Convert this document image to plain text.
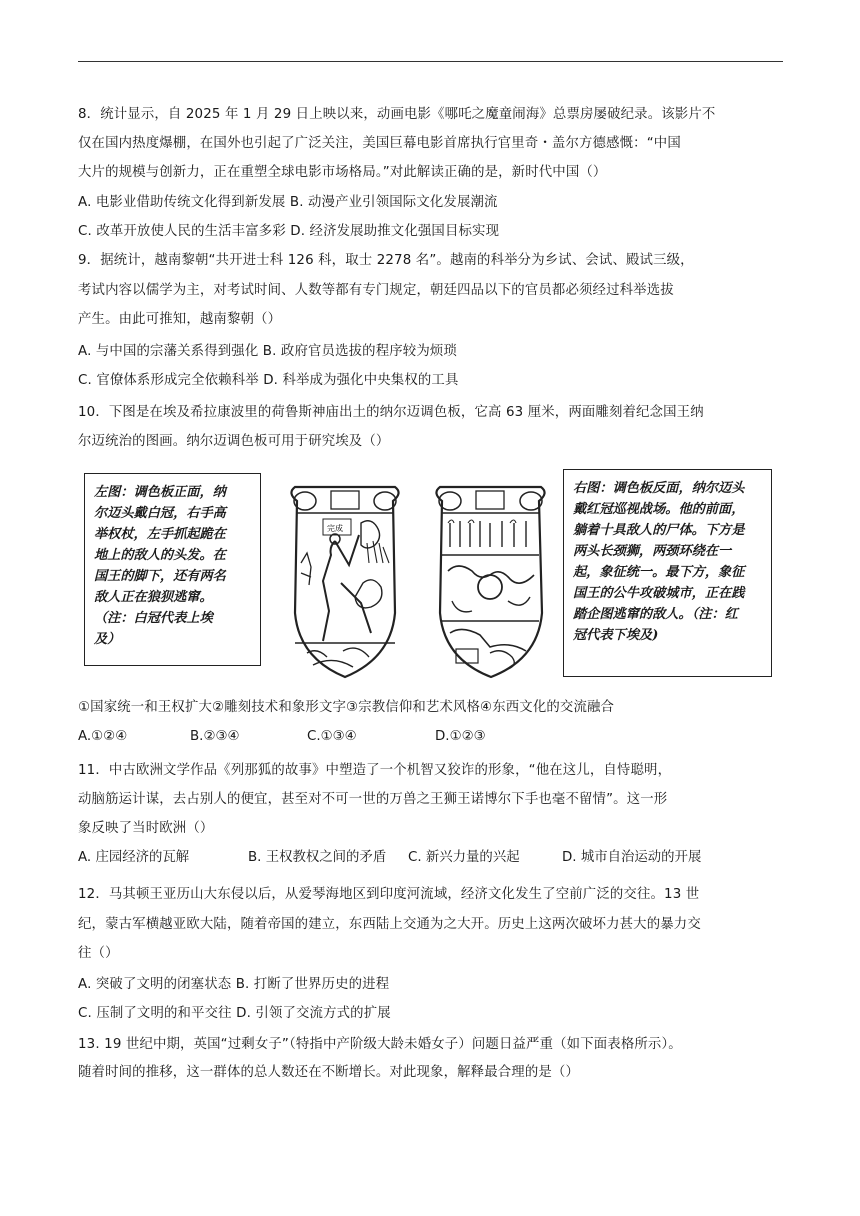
8．统计显示，自 2025 年 1 月 29 日上映以来，动画电影《哪吒之魔童闹海》总票房屡破纪录。该影片不
仅在国内热度爆棚，在国外也引起了广泛关注，美国巨幕电影首席执行官里奇・盖尔方德感慨：“中国
大片的规模与创新力，正在重塑全球电影市场格局。”对此解读正确的是，新时代中国（）
A. 电影业借助传统文化得到新发展 B. 动漫产业引领国际文化发展潮流
C. 改革开放使人民的生活丰富多彩 D. 经济发展助推文化强国目标实现
9．据统计，越南黎朝“共开进士科 126 科，取士 2278 名”。越南的科举分为乡试、会试、殿试三级，
考试内容以儒学为主，对考试时间、人数等都有专门规定，朝廷四品以下的官员都必须经过科举选拔
产生。由此可推知，越南黎朝（）
A. 与中国的宗藩关系得到强化 B. 政府官员选拔的程序较为烦琐
C. 官僚体系形成完全依赖科举 D. 科举成为强化中央集权的工具
10．下图是在埃及希拉康波里的荷鲁斯神庙出土的纳尔迈调色板，它高 63 厘米，两面雕刻着纪念国王纳
尔迈统治的图画。纳尔迈调色板可用于研究埃及（）
左图：调色板正面，纳
尔迈头戴白冠，右手高
举权杖，左手抓起跪在
地上的敌人的头发。在
国王的脚下，还有两名
敌人正在狼狈逃窜。
（注：白冠代表上埃
及）
完成
右图：调色板反面，纳尔迈头
戴红冠巡视战场。他的前面，
躺着十具敌人的尸体。下方是
两头长颈狮，两颈环绕在一
起，象征统一。最下方，象征
国王的公牛攻破城市，正在践
踏企图逃窜的敌人。（注：红
冠代表下埃及)
①国家统一和王权扩大②雕刻技术和象形文字③宗教信仰和艺术风格④东西文化的交流融合
A.①②④	B.②③④	C.①③④	D.①②③
11．中古欧洲文学作品《列那狐的故事》中塑造了一个机智又狡诈的形象，“他在这儿，自恃聪明，
动脑筋运计谋，去占别人的便宜，甚至对不可一世的万兽之王狮王诺博尔下手也毫不留情”。这一形
象反映了当时欧洲（）
A. 庄园经济的瓦解	B. 王权教权之间的矛盾 C. 新兴力量的兴起	D. 城市自治运动的开展
12．马其顿王亚历山大东侵以后，从爱琴海地区到印度河流域，经济文化发生了空前广泛的交往。13 世
纪，蒙古军横越亚欧大陆，随着帝国的建立，东西陆上交通为之大开。历史上这两次破坏力甚大的暴力交
往（）
A. 突破了文明的闭塞状态 B. 打断了世界历史的进程
C. 压制了文明的和平交往 D. 引领了交流方式的扩展
13. 19 世纪中期，英国“过剩女子”（特指中产阶级大龄未婚女子）问题日益严重（如下面表格所示）。
随着时间的推移，这一群体的总人数还在不断增长。对此现象，解释最合理的是（）
